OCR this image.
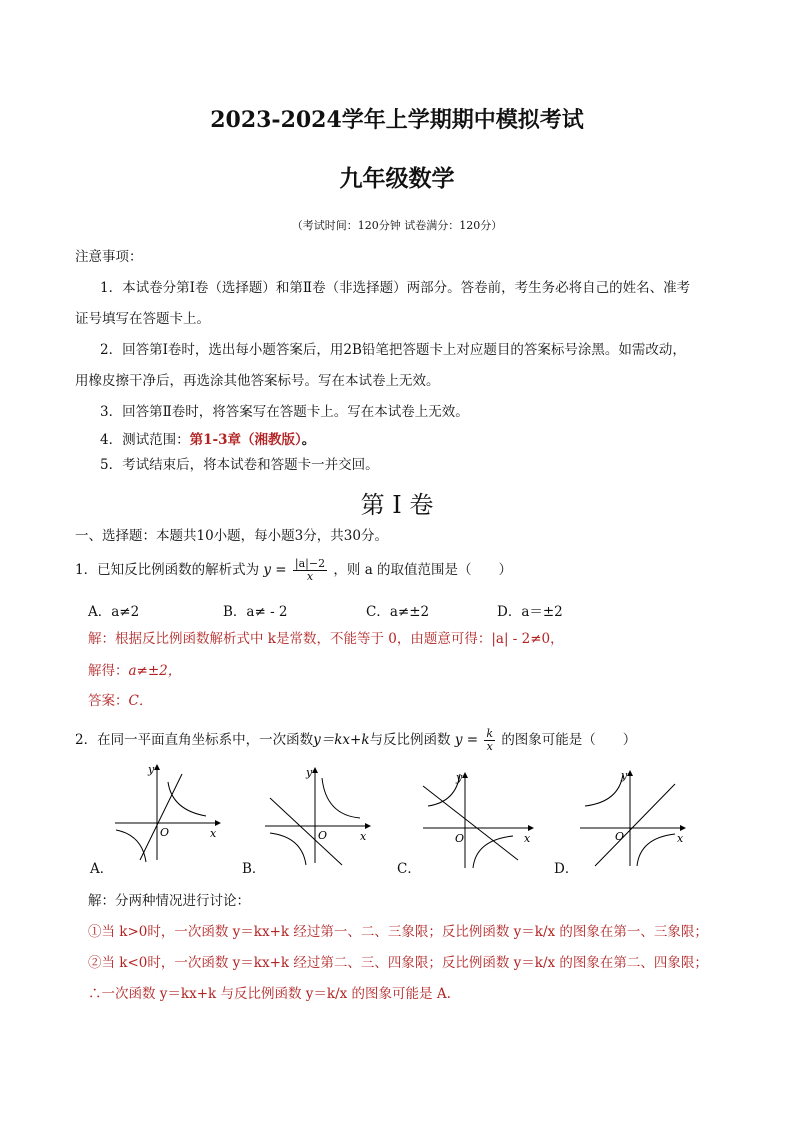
2023-2024学年上学期期中模拟考试
九年级数学
（考试时间：120分钟 试卷满分：120分）
注意事项：
1．本试卷分第Ⅰ卷（选择题）和第Ⅱ卷（非选择题）两部分。答卷前，考生务必将自己的姓名、准考
证号填写在答题卡上。
2．回答第Ⅰ卷时，选出每小题答案后，用2B铅笔把答题卡上对应题目的答案标号涂黑。如需改动，
用橡皮擦干净后，再选涂其他答案标号。写在本试卷上无效。
3．回答第Ⅱ卷时，将答案写在答题卡上。写在本试卷上无效。
4．测试范围：第1-3章（湘教版）。
5．考试结束后，将本试卷和答题卡一并交回。
第 I 卷
一、选择题：本题共10小题，每小题3分，共30分。
1．已知反比例函数的解析式为 $y = \frac{|a|-2}{x}$ ，则 a 的取值范围是（　　）
A．a≠2	B．a≠ - 2	C．a≠±2	D．a＝±2
解：根据反比例函数解析式中 k是常数，不能等于 0，由题意可得：|a| - 2≠0，
解得：a≠±2，
答案：C．
2．在同一平面直角坐标系中，一次函数y＝kx+k与反比例函数 $y = \frac{k}{x}$ 的图象可能是（　　）
y
x
O
A．
y
x
O
B．
y
x
O
C．
y
x
O
D．
解：分两种情况进行讨论：
①当 k>0时，一次函数 y＝kx+k 经过第一、二、三象限；反比例函数 y＝k/x 的图象在第一、三象限；
②当 k<0时，一次函数 y＝kx+k 经过第二、三、四象限；反比例函数 y＝k/x 的图象在第二、四象限；
∴一次函数 y＝kx+k 与反比例函数 y＝k/x 的图象可能是 A.
